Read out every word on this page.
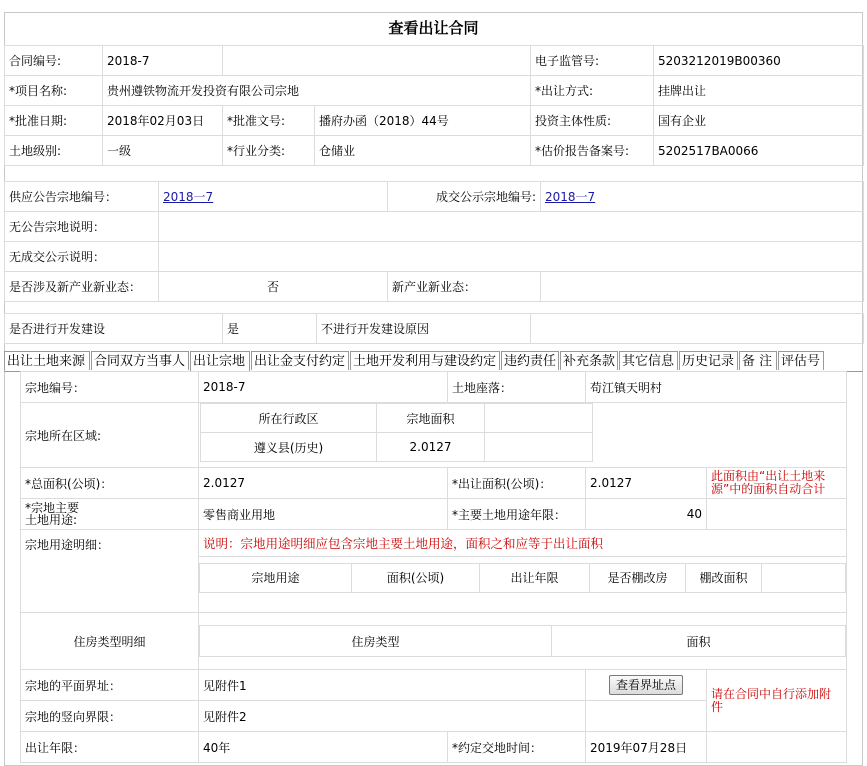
查看出让合同
合同编号:	2018-7			电子监管号:	5203212019B00360
*项目名称:	贵州遵铁物流开发投资有限公司宗地			*出让方式:	挂牌出让
*批准日期:	2018年02月03日	*批准文号:	播府办函（2018）44号	投资主体性质:	国有企业
土地级别:	一级	*行业分类:	仓储业	*估价报告备案号:	5202517BA0066
供应公告宗地编号：	2018一7	成交公示宗地编号:	2018一7
无公告宗地说明：			
无成交公示说明：			
是否涉及新产业新业态：	否	新产业新业态：	
是否进行开发建设	是	不进行开发建设原因	
出让土地来源 合同双方当事人 出让宗地 出让金支付约定 土地开发利用与建设约定 违约责任 补充条款 其它信息 历史记录 备 注 评估号
宗地编号：	2018-7	土地座落：	苟江镇天明村
宗地所在区域:	
所在行政区	宗地面积	
遵义县(历史)	2.0127	

*总面积(公顷)：	2.0127	*出让面积(公顷)：	2.0127	此面积由“出让土地来源”中的面积自动合计
*宗地主要
土地用途:	零售商业用地	*主要土地用途年限：	40	
宗地用途明细：	说明：宗地用途明细应包含宗地主要土地用途，面积之和应等于出让面积

宗地用途	面积(公顷)	出让年限	是否棚改房	棚改面积	

住房类型明细		住房类型	面积

宗地的平面界址：	见附件1	查看界址点	请在合同中自行添加附件
宗地的竖向界限：	见附件2	
出让年限：	40年	*约定交地时间：	2019年07月28日	
